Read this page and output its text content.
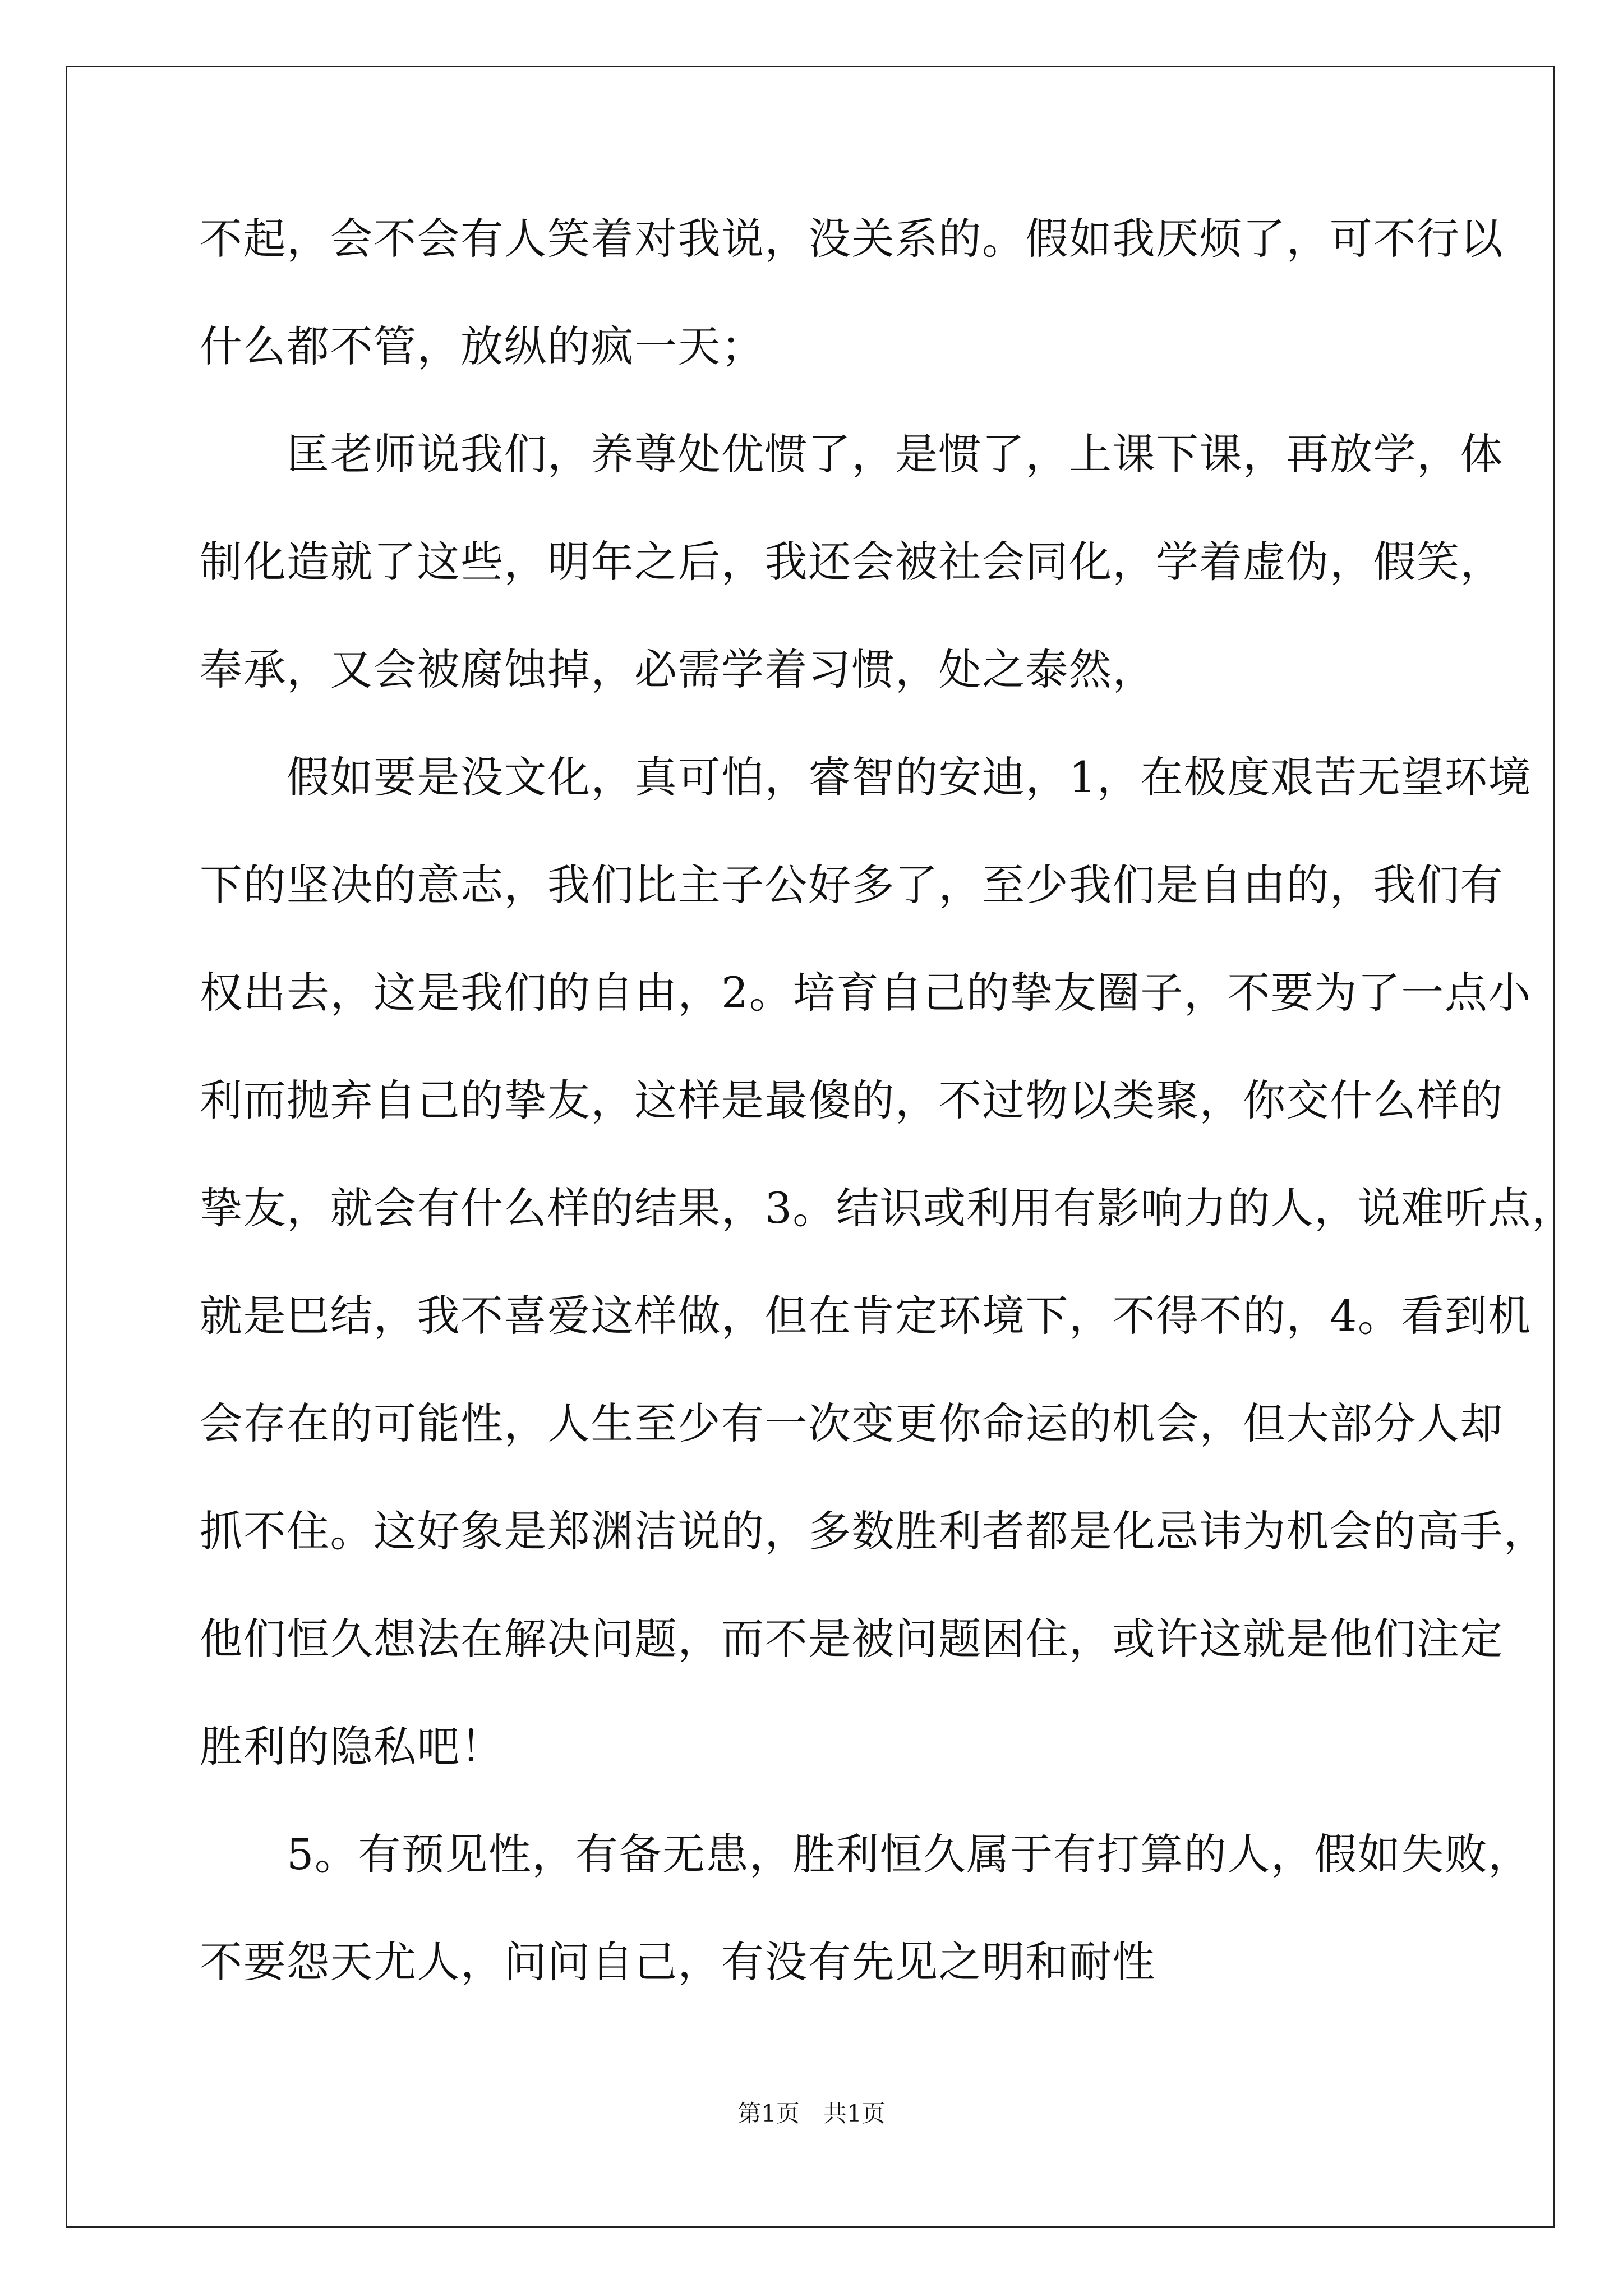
不起，会不会有人笑着对我说，没关系的。假如我厌烦了，可不行以
什么都不管，放纵的疯一天；
　　匡老师说我们，养尊处优惯了，是惯了，上课下课，再放学，体
制化造就了这些，明年之后，我还会被社会同化，学着虚伪，假笑，
奉承，又会被腐蚀掉，必需学着习惯，处之泰然，
　　假如要是没文化，真可怕，睿智的安迪，1，在极度艰苦无望环境
下的坚决的意志，我们比主子公好多了，至少我们是自由的，我们有
权出去，这是我们的自由，2。培育自己的挚友圈子，不要为了一点小
利而抛弃自己的挚友，这样是最傻的，不过物以类聚，你交什么样的
挚友，就会有什么样的结果，3。结识或利用有影响力的人，说难听点，
就是巴结，我不喜爱这样做，但在肯定环境下，不得不的，4。看到机
会存在的可能性，人生至少有一次变更你命运的机会，但大部分人却
抓不住。这好象是郑渊洁说的，多数胜利者都是化忌讳为机会的高手，
他们恒久想法在解决问题，而不是被问题困住，或许这就是他们注定
胜利的隐私吧！
　　5。有预见性，有备无患，胜利恒久属于有打算的人，假如失败，
不要怨天尤人，问问自己，有没有先见之明和耐性
第1页　共1页
